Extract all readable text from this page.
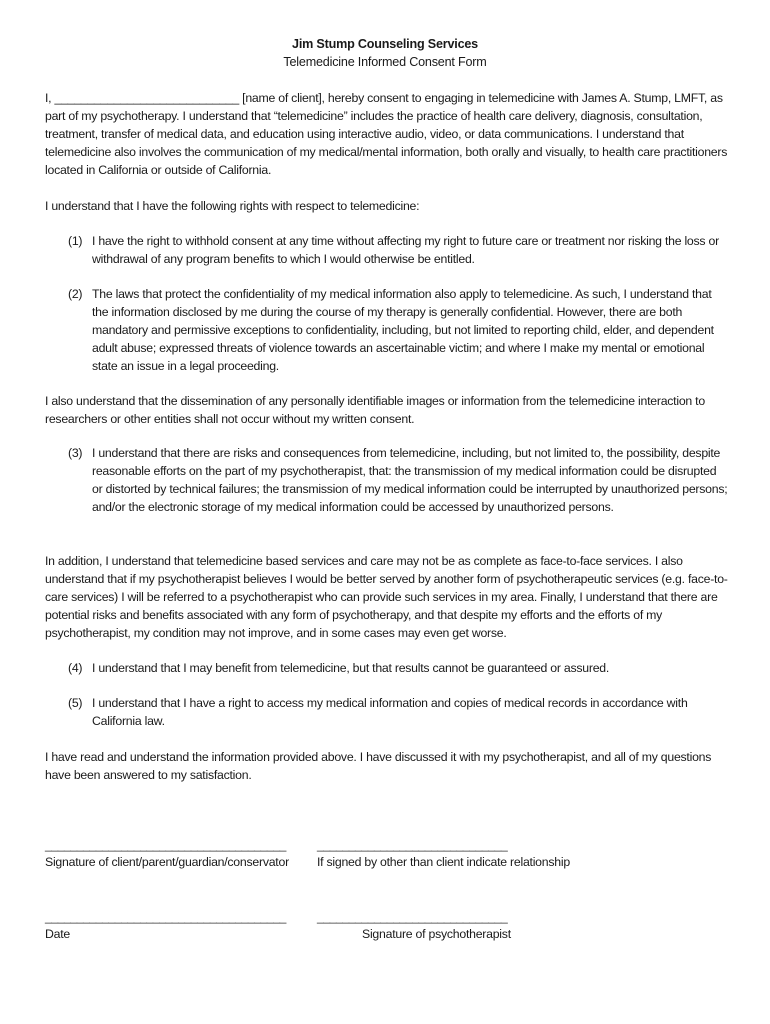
Jim Stump Counseling Services
Telemedicine Informed Consent Form

I, ____________________________ [name of client], hereby consent to engaging in telemedicine with James A. Stump, LMFT, as part of my psychotherapy. I understand that “telemedicine” includes the practice of health care delivery, diagnosis, consultation, treatment, transfer of medical data, and education using interactive audio, video, or data communications. I understand that telemedicine also involves the communication of my medical/mental information, both orally and visually, to health care practitioners located in California or outside of California.

I understand that I have the following rights with respect to telemedicine:

(1) I have the right to withhold consent at any time without affecting my right to future care or treatment nor risking the loss or withdrawal of any program benefits to which I would otherwise be entitled.
(2) The laws that protect the confidentiality of my medical information also apply to telemedicine. As such, I understand that the information disclosed by me during the course of my therapy is generally confidential. However, there are both mandatory and permissive exceptions to confidentiality, including, but not limited to reporting child, elder, and dependent adult abuse; expressed threats of violence towards an ascertainable victim; and where I make my mental or emotional state an issue in a legal proceeding.

I also understand that the dissemination of any personally identifiable images or information from the telemedicine interaction to researchers or other entities shall not occur without my written consent.

(3) I understand that there are risks and consequences from telemedicine, including, but not limited to, the possibility, despite reasonable efforts on the part of my psychotherapist, that: the transmission of my medical information could be disrupted or distorted by technical failures; the transmission of my medical information could be interrupted by unauthorized persons; and/or the electronic storage of my medical information could be accessed by unauthorized persons.

In addition, I understand that telemedicine based services and care may not be as complete as face-to-face services. I also understand that if my psychotherapist believes I would be better served by another form of psychotherapeutic services (e.g. face-to-care services) I will be referred to a psychotherapist who can provide such services in my area. Finally, I understand that there are potential risks and benefits associated with any form of psychotherapy, and that despite my efforts and the efforts of my psychotherapist, my condition may not improve, and in some cases may even get worse.

(4) I understand that I may benefit from telemedicine, but that results cannot be guaranteed or assured.
(5) I understand that I have a right to access my medical information and copies of medical records in accordance with California law.

I have read and understand the information provided above. I have discussed it with my psychotherapist, and all of my questions have been answered to my satisfaction.

______________________________________	______________________________
Signature of client/parent/guardian/conservator If signed by other than client indicate relationship
______________________________________	______________________________
Date	Signature of psychotherapist
